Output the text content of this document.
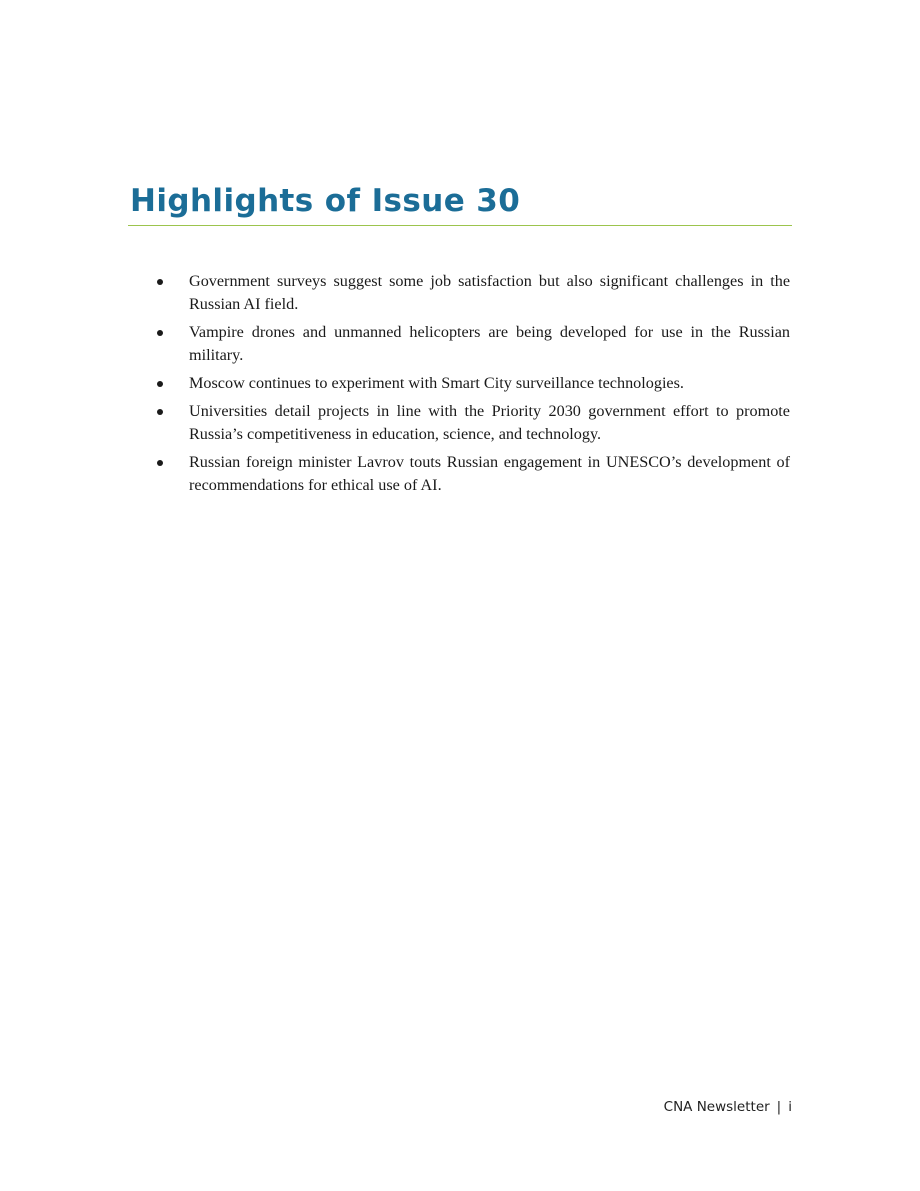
Highlights of Issue 30
Government surveys suggest some job satisfaction but also significant challenges in the Russian AI field.
Vampire drones and unmanned helicopters are being developed for use in the Russian military.
Moscow continues to experiment with Smart City surveillance technologies.
Universities detail projects in line with the Priority 2030 government effort to promote Russia’s competitiveness in education, science, and technology.
Russian foreign minister Lavrov touts Russian engagement in UNESCO’s development of recommendations for ethical use of AI.
CNA Newsletter | i
